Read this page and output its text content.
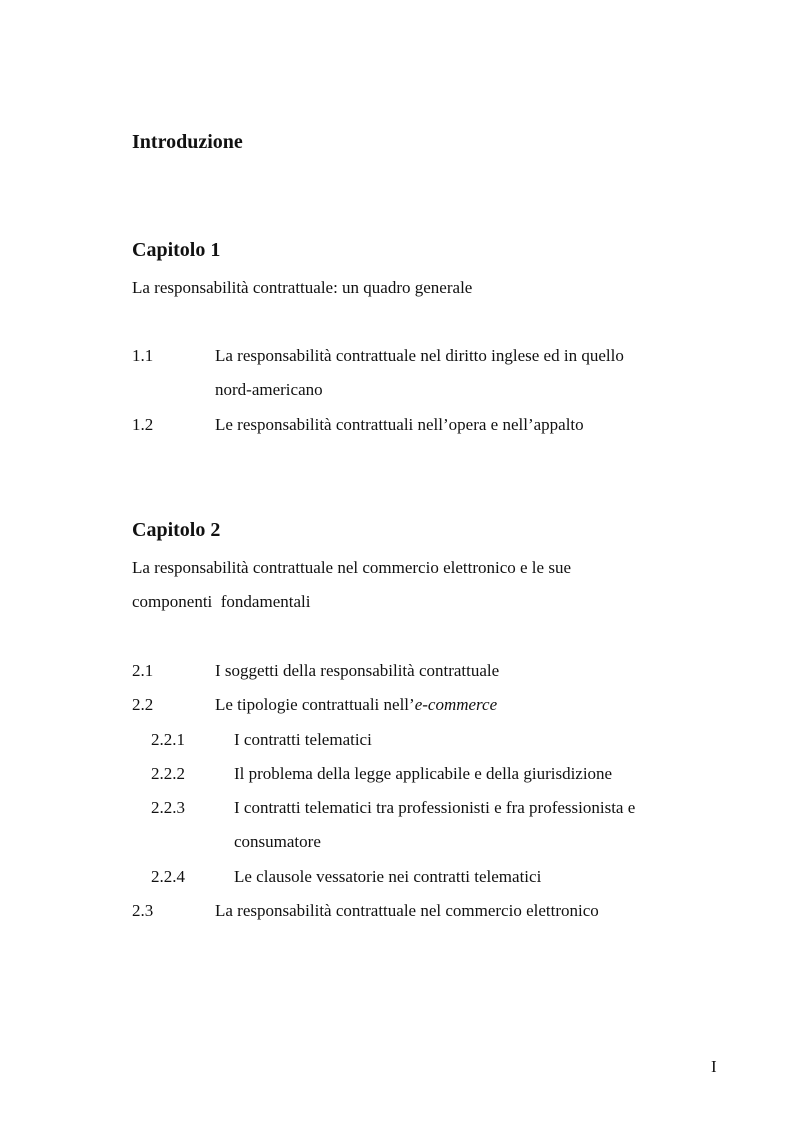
Introduzione
Capitolo 1
La responsabilità contrattuale: un quadro generale
1.1	La responsabilità contrattuale nel diritto inglese ed in quello
nord-americano
1.2	Le responsabilità contrattuali nell’opera e nell’appalto
Capitolo 2
La responsabilità contrattuale nel commercio elettronico e le sue
componenti  fondamentali
2.1	I soggetti della responsabilità contrattuale
2.2	Le tipologie contrattuali nell’e-commerce
2.2.1	I contratti telematici
2.2.2	Il problema della legge applicabile e della giurisdizione
2.2.3	I contratti telematici tra professionisti e fra professionista e
consumatore
2.2.4	Le clausole vessatorie nei contratti telematici
2.3	La responsabilità contrattuale nel commercio elettronico
I
